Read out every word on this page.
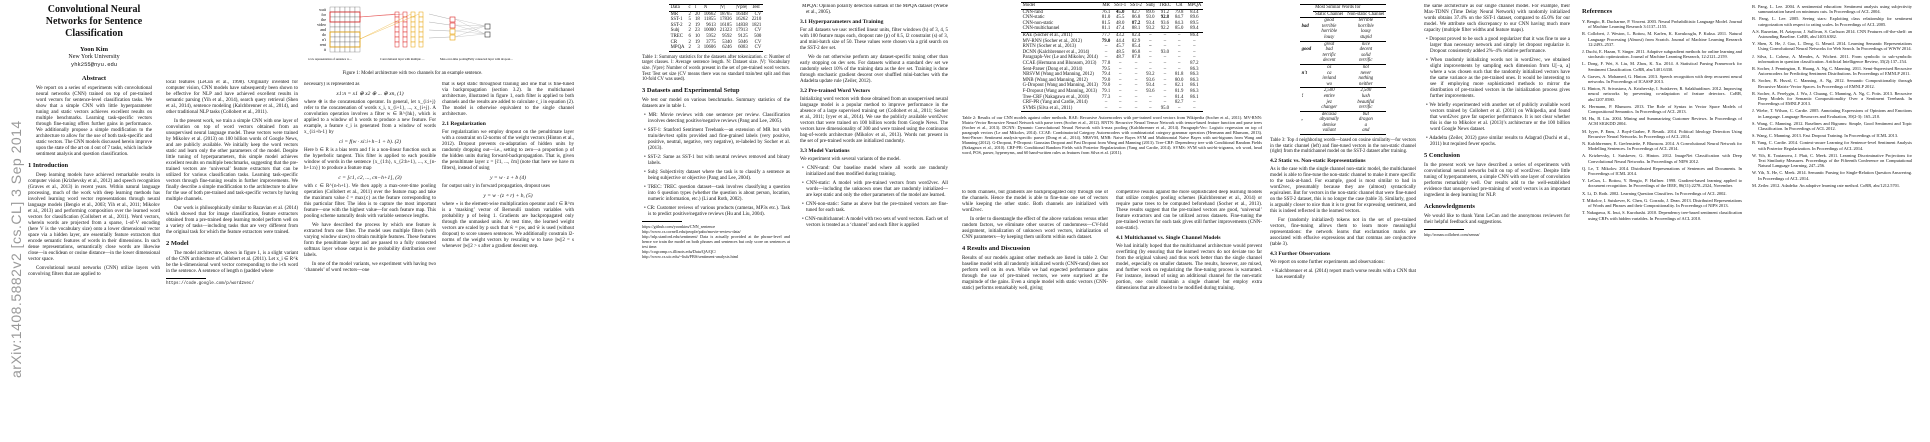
arXiv:1408.5882v2 [cs.CL] 3 Sep 2014
Convolutional Neural Networks for Sentence Classification
Yoon Kim
New York University
yhk255@nyu.edu
Abstract
We report on a series of experiments with convolutional neural networks (CNN) trained on top of pre-trained word vectors for sentence-level classification tasks. We show that a simple CNN with little hyperparameter tuning and static vectors achieves excellent results on multiple benchmarks. Learning task-specific vectors through fine-tuning offers further gains in performance. We additionally propose a simple modification to the architecture to allow for the use of both task-specific and static vectors. The CNN models discussed herein improve upon the state of the art on 4 out of 7 tasks, which include sentiment analysis and question classification.
1 Introduction

Deep learning models have achieved remarkable results in computer vision (Krizhevsky et al., 2012) and speech recognition (Graves et al., 2013) in recent years. Within natural language processing, much of the work with deep learning methods has involved learning word vector representations through neural language models (Bengio et al., 2003; Yih et al., 2011; Mikolov et al., 2013) and performing composition over the learned word vectors for classification (Collobert et al., 2011). Word vectors, wherein words are projected from a sparse, 1-of-V encoding (here V is the vocabulary size) onto a lower dimensional vector space via a hidden layer, are essentially feature extractors that encode semantic features of words in their dimensions. In such dense representations, semantically close words are likewise close—in euclidean or cosine distance—in the lower dimensional vector space.

Convolutional neural networks (CNN) utilize layers with convolving filters that are applied to

wait
for
the
video
and
do
n't
rent
it
n x k representation of sentence w…	Convolutional layer with multiple …	Max-over-time pooling Fully connected layer with dropout…
Figure 1: Model architecture with two channels for an example sentence.

local features (LeCun et al., 1998). Originally invented for computer vision, CNN models have subsequently been shown to be effective for NLP and have achieved excellent results in semantic parsing (Yih et al., 2014), search query retrieval (Shen et al., 2014), sentence modeling (Kalchbrenner et al., 2014), and other traditional NLP tasks (Collobert et al., 2011).

In the present work, we train a simple CNN with one layer of convolution on top of word vectors obtained from an unsupervised neural language model. These vectors were trained by Mikolov et al. (2013) on 100 billion words of Google News, and are publicly available. We initially keep the word vectors static and learn only the other parameters of the model. Despite little tuning of hyperparameters, this simple model achieves excellent results on multiple benchmarks, suggesting that the pre-trained vectors are ‘universal’ feature extractors that can be utilized for various classification tasks. Learning task-specific vectors through fine-tuning results in further improvements. We finally describe a simple modification to the architecture to allow for the use of both pre-trained and task-specific vectors by having multiple channels.

Our work is philosophically similar to Razavian et al. (2014) which showed that for image classification, feature extractors obtained from a pre-trained deep learning model perform well on a variety of tasks—including tasks that are very different from the original task for which the feature extractors were trained.

2 Model

The model architecture, shown in figure 1, is a slight variant of the CNN architecture of Collobert et al. (2011). Let x_i ∈ R^k be the k-dimensional word vector corresponding to the i-th word in the sentence. A sentence of length n (padded where

https://code.google.com/p/word2vec/

necessary) is represented as

x1:n = x1 ⊕ x2 ⊕ ... ⊕ xn, (1)

where ⊕ is the concatenation operator. In general, let x_{i:i+j} refer to the concatenation of words x_i, x_{i+1}, ..., x_{i+j}. A convolution operation involves a filter w ∈ R^{hk}, which is applied to a window of h words to produce a new feature. For example, a feature c_i is generated from a window of words x_{i:i+h-1} by

ci = f(w · xi:i+h−1 + b). (2)

Here b ∈ R is a bias term and f is a non-linear function such as the hyperbolic tangent. This filter is applied to each possible window of words in the sentence {x_{1:h}, x_{2:h+1}, ..., x_{n-h+1:n}} to produce a feature map

c = [c1, c2, ..., cn−h+1], (3)

with c ∈ R^{n-h+1}. We then apply a max-over-time pooling operation (Collobert et al., 2011) over the feature map and take the maximum value ĉ = max{c} as the feature corresponding to this particular filter. The idea is to capture the most important feature—one with the highest value—for each feature map. This pooling scheme naturally deals with variable sentence lengths.

We have described the process by which one feature is extracted from one filter. The model uses multiple filters (with varying window sizes) to obtain multiple features. These features form the penultimate layer and are passed to a fully connected softmax layer whose output is the probability distribution over labels.

In one of the model variants, we experiment with having two ‘channels’ of word vectors—one

that is kept static throughout training and one that is fine-tuned via backpropagation (section 3.2). In the multichannel architecture, illustrated in figure 1, each filter is applied to both channels and the results are added to calculate c_i in equation (2). The model is otherwise equivalent to the single channel architecture.

2.1 Regularization

For regularization we employ dropout on the penultimate layer with a constraint on l2-norms of the weight vectors (Hinton et al., 2012). Dropout prevents co-adaptation of hidden units by randomly dropping out—i.e., setting to zero—a proportion p of the hidden units during forward-backpropagation. That is, given the penultimate layer z = [ĉ1, ..., ĉm] (note that here we have m filters), instead of using

y = w · z + b (4)

for output unit y in forward propagation, dropout uses

y = w · (z ∘ r) + b, (5)

where ∘ is the element-wise multiplication operator and r ∈ R^m is a ‘masking’ vector of Bernoulli random variables with probability p of being 1. Gradients are backpropagated only through the unmasked units. At test time, the learned weight vectors are scaled by p such that ŵ = pw, and ŵ is used (without dropout) to score unseen sentences. We additionally constrain l2-norms of the weight vectors by rescaling w to have ||w||2 = s whenever ||w||2 > s after a gradient descent step.

Data	c	l	N	|V|	|Vpre|	Test
MR	2	20	10662	18765	16448	CV
SST-1	5	18	11855	17836	16262	2210
SST-2	2	19	9613	16185	14838	1821
Subj	2	23	10000	21323	17913	CV
TREC	6	10	5952	9592	9125	500
CR	2	19	3775	5340	5046	CV
MPQA	2	3	10606	6246	6083	CV
Table 1: Summary statistics for the datasets after tokenization. c: Number of target classes. l: Average sentence length. N: Dataset size. |V|: Vocabulary size. |Vpre|: Number of words present in the set of pre-trained word vectors. Test: Test set size (CV means there was no standard train/test split and thus 10-fold CV was used).
3 Datasets and Experimental Setup

We test our model on various benchmarks. Summary statistics of the datasets are in table 1.

• MR: Movie reviews with one sentence per review. Classification involves detecting positive/negative reviews (Pang and Lee, 2005).
• SST-1: Stanford Sentiment Treebank—an extension of MR but with train/dev/test splits provided and fine-grained labels (very positive, positive, neutral, negative, very negative), re-labeled by Socher et al. (2013).
• SST-2: Same as SST-1 but with neutral reviews removed and binary labels.
• Subj: Subjectivity dataset where the task is to classify a sentence as being subjective or objective (Pang and Lee, 2004).
• TREC: TREC question dataset—task involves classifying a question into 6 question types (whether the question is about person, location, numeric information, etc.) (Li and Roth, 2002).
• CR: Customer reviews of various products (cameras, MP3s etc.). Task is to predict positive/negative reviews (Hu and Liu, 2004).
https://github.com/yoonkim/CNN_sentence
http://www.cs.cornell.edu/people/pabo/movie-review-data/
http://nlp.stanford.edu/sentiment/ Data is actually provided at the phrase-level and hence we train the model on both phrases and sentences but only score on sentences at test time.
http://cogcomp.cs.illinois.edu/Data/QA/QC/
http://www.cs.uic.edu/~liub/FBS/sentiment-analysis.html
MPQA: Opinion polarity detection subtask of the MPQA dataset (Wiebe et al., 2005).
3.1 Hyperparameters and Training

For all datasets we use: rectified linear units, filter windows (h) of 3, 4, 5 with 100 feature maps each, dropout rate (p) of 0.5, l2 constraint (s) of 3, and mini-batch size of 50. These values were chosen via a grid search on the SST-2 dev set.

We do not otherwise perform any dataset-specific tuning other than early stopping on dev sets. For datasets without a standard dev set we randomly select 10% of the training data as the dev set. Training is done through stochastic gradient descent over shuffled mini-batches with the Adadelta update rule (Zeiler, 2012).

3.2 Pre-trained Word Vectors

Initializing word vectors with those obtained from an unsupervised neural language model is a popular method to improve performance in the absence of a large supervised training set (Collobert et al., 2011; Socher et al., 2011; Iyyer et al., 2014). We use the publicly available word2vec vectors that were trained on 100 billion words from Google News. The vectors have dimensionality of 300 and were trained using the continuous bag-of-words architecture (Mikolov et al., 2013). Words not present in the set of pre-trained words are initialized randomly.

3.3 Model Variations

We experiment with several variants of the model.

• CNN-rand: Our baseline model where all words are randomly initialized and then modified during training.
• CNN-static: A model with pre-trained vectors from word2vec. All words—including the unknown ones that are randomly initialized—are kept static and only the other parameters of the model are learned.
• CNN-non-static: Same as above but the pre-trained vectors are fine-tuned for each task.
• CNN-multichannel: A model with two sets of word vectors. Each set of vectors is treated as a ‘channel’ and each filter is applied
Model	MR	SST-1	SST-2	Subj	TREC	CR	MPQA
CNN-rand	76.1	45.0	82.7	89.6	91.2	79.8	83.4
CNN-static	81.0	45.5	86.8	93.0	92.8	84.7	89.6
CNN-non-static	81.5	48.0	87.2	93.4	93.6	84.3	89.5
CNN-multichannel	81.1	47.4	88.1	93.2	92.2	85.0	89.4
RAE (Socher et al., 2011)	77.7	43.2	82.4	–	–	–	86.4
MV-RNN (Socher et al., 2012)	79.0	44.4	82.9	–	–	–	–
RNTN (Socher et al., 2013)	–	45.7	85.4	–	–	–	–
DCNN (Kalchbrenner et al., 2014)	–	48.5	86.8	–	93.0	–	–
Paragraph-Vec (Le and Mikolov, 2014)	–	48.7	87.8	–	–	–	–
CCAE (Hermann and Blunsom, 2013)	77.8	–	–	–	–	–	87.2
Sent-Parser (Dong et al., 2014)	79.5	–	–	–	–	–	86.3
NBSVM (Wang and Manning, 2012)	79.4	–	–	93.2	–	81.8	86.3
MNB (Wang and Manning, 2012)	79.0	–	–	93.6	–	80.0	86.3
G-Dropout (Wang and Manning, 2013)	79.0	–	–	93.4	–	82.1	86.1
F-Dropout (Wang and Manning, 2013)	79.1	–	–	93.6	–	81.9	86.3
Tree-CRF (Nakagawa et al., 2010)	77.3	–	–	–	–	81.4	86.1
CRF-PR (Yang and Cardie, 2014)	–	–	–	–	–	82.7	–
SVMS (Silva et al., 2011)	–	–	–	–	95.0	–	–
Table 2: Results of our CNN models against other methods. RAE: Recursive Autoencoders with pre-trained word vectors from Wikipedia (Socher et al., 2011). MV-RNN: Matrix-Vector Recursive Neural Network with parse trees (Socher et al., 2012). RNTN: Recursive Neural Tensor Network with tensor-based feature function and parse trees (Socher et al., 2013). DCNN: Dynamic Convolutional Neural Network with k-max pooling (Kalchbrenner et al., 2014). Paragraph-Vec: Logistic regression on top of paragraph vectors (Le and Mikolov, 2014). CCAE: Combinatorial Category Autoencoders with combinatorial category grammar operators (Hermann and Blunsom, 2013). Sent-Parser: Sentiment analysis-specific parser (Dong et al., 2014). NBSVM, MNB: Naive Bayes SVM and Multinomial Naive Bayes with uni-bigrams from Wang and Manning (2012). G-Dropout, F-Dropout: Gaussian Dropout and Fast Dropout from Wang and Manning (2013). Tree-CRF: Dependency tree with Conditional Random Fields (Nakagawa et al., 2010). CRF-PR: Conditional Random Fields with Posterior Regularization (Yang and Cardie, 2014). SVMS: SVM with uni-bi-trigrams, wh word, head word, POS, parser, hypernyms, and 60 hand-written rules as features from Silva et al. (2011).

to both channels, but gradients are backpropagated only through one of the channels. Hence the model is able to fine-tune one set of vectors while keeping the other static. Both channels are initialized with word2vec.

In order to disentangle the effect of the above variations versus other random factors, we eliminate other sources of randomness—CV-fold assignment, initialization of unknown word vectors, initialization of CNN parameters—by keeping them uniform within each dataset.

4 Results and Discussion

Results of our models against other methods are listed in table 2. Our baseline model with all randomly initialized words (CNN-rand) does not perform well on its own. While we had expected performance gains through the use of pre-trained vectors, we were surprised at the magnitude of the gains. Even a simple model with static vectors (CNN-static) performs remarkably well, giving

competitive results against the more sophisticated deep learning models that utilize complex pooling schemes (Kalchbrenner et al., 2014) or require parse trees to be computed beforehand (Socher et al., 2013). These results suggest that the pre-trained vectors are good, ‘universal’ feature extractors and can be utilized across datasets. Fine-tuning the pre-trained vectors for each task gives still further improvements (CNN-non-static).

4.1 Multichannel vs. Single Channel Models

We had initially hoped that the multichannel architecture would prevent overfitting (by ensuring that the learned vectors do not deviate too far from the original values) and thus work better than the single channel model, especially on smaller datasets. The results, however, are mixed, and further work on regularizing the fine-tuning process is warranted. For instance, instead of using an additional channel for the non-static portion, one could maintain a single channel but employ extra dimensions that are allowed to be modified during training.

	Most Similar Words for	
	Static Channel	Non-static Channel
	good	terrible
bad	terrible	horrible
	horrible	lousy
	lousy	stupid
	great	nice
good	bad	decent
	terrific	solid
	decent	terrific
	os	not
n't	ca	never
	ireland	nothing
	wo	neither
	2,500	2,500
!	entire	lush
	jez	beautiful
	changer	terrific
	decasia	but
,	abysmally	dragon
	demise	a
	valiant	and
Table 3: Top 4 neighboring words—based on cosine similarity—for vectors in the static channel (left) and fine-tuned vectors in the non-static channel (right) from the multichannel model on the SST-2 dataset after training.
4.2 Static vs. Non-static Representations

As is the case with the single channel non-static model, the multichannel model is able to fine-tune the non-static channel to make it more specific to the task-at-hand. For example, good is most similar to bad in word2vec, presumably because they are (almost) syntactically equivalent. But for vectors in the non-static channel that were fine-tuned on the SST-2 dataset, this is no longer the case (table 3). Similarly, good is arguably closer to nice than it is to great for expressing sentiment, and this is indeed reflected in the learned vectors.

For (randomly initialized) tokens not in the set of pre-trained vectors, fine-tuning allows them to learn more meaningful representations: the network learns that exclamation marks are associated with effusive expressions and that commas are conjunctive (table 3).

4.3 Further Observations

We report on some further experiments and observations:

• Kalchbrenner et al. (2014) report much worse results with a CNN that has essentially

the same architecture as our single channel model. For example, their Max-TDNN (Time Delay Neural Network) with randomly initialized words obtains 37.4% on the SST-1 dataset, compared to 45.0% for our model. We attribute such discrepancy to our CNN having much more capacity (multiple filter widths and feature maps).

• Dropout proved to be such a good regularizer that it was fine to use a larger than necessary network and simply let dropout regularize it. Dropout consistently added 2%–4% relative performance.
• When randomly initializing words not in word2vec, we obtained slight improvements by sampling each dimension from U[−a, a] where a was chosen such that the randomly initialized vectors have the same variance as the pre-trained ones. It would be interesting to see if employing more sophisticated methods to mirror the distribution of pre-trained vectors in the initialization process gives further improvements.
• We briefly experimented with another set of publicly available word vectors trained by Collobert et al. (2011) on Wikipedia, and found that word2vec gave far superior performance. It is not clear whether this is due to Mikolov et al. (2013)’s architecture or the 100 billion word Google News dataset.
• Adadelta (Zeiler, 2012) gave similar results to Adagrad (Duchi et al., 2011) but required fewer epochs.
5 Conclusion

In the present work we have described a series of experiments with convolutional neural networks built on top of word2vec. Despite little tuning of hyperparameters, a simple CNN with one layer of convolution performs remarkably well. Our results add to the well-established evidence that unsupervised pre-training of word vectors is an important ingredient in deep learning for NLP.

Acknowledgments

We would like to thank Yann LeCun and the anonymous reviewers for their helpful feedback and suggestions.

http://ronan.collobert.com/senna/
References
Y. Bengio, R. Ducharme, P. Vincent. 2003. Neural Probabilitistic Language Model. Journal of Machine Learning Research 3:1137–1155.
R. Collobert, J. Weston, L. Bottou, M. Karlen, K. Kavukcuglu, P. Kuksa. 2011. Natural Language Processing (Almost) from Scratch. Journal of Machine Learning Research 12:2493–2537.
J. Duchi, E. Hazan, Y. Singer. 2011. Adaptive subgradient methods for online learning and stochastic optimization. Journal of Machine Learning Research, 12:2121–2159.
L. Dong, F. Wei, S. Liu, M. Zhou, K. Xu. 2014. A Statistical Parsing Framework for Sentiment Classification. CoRR, abs/1401.6330.
A. Graves, A. Mohamed, G. Hinton. 2013. Speech recognition with deep recurrent neural networks. In Proceedings of ICASSP 2013.
G. Hinton, N. Srivastava, A. Krizhevsky, I. Sutskever, R. Salakhutdinov. 2012. Improving neural networks by preventing co-adaptation of feature detectors. CoRR, abs/1207.0580.
K. Hermann, P. Blunsom. 2013. The Role of Syntax in Vector Space Models of Compositional Semantics. In Proceedings of ACL 2013.
M. Hu, B. Liu. 2004. Mining and Summarizing Customer Reviews. In Proceedings of ACM SIGKDD 2004.
M. Iyyer, P. Enns, J. Boyd-Graber, P. Resnik. 2014. Political Ideology Detection Using Recursive Neural Networks. In Proceedings of ACL 2014.
N. Kalchbrenner, E. Grefenstette, P. Blunsom. 2014. A Convolutional Neural Network for Modelling Sentences. In Proceedings of ACL 2014.
A. Krizhevsky, I. Sutskever, G. Hinton. 2012. ImageNet Classification with Deep Convolutional Neural Networks. In Proceedings of NIPS 2012.
Q. Le, T. Mikolov. 2014. Distributed Represenations of Sentences and Documents. In Proceedings of ICML 2014.
Y. LeCun, L. Bottou, Y. Bengio, P. Haffner. 1998. Gradient-based learning applied to document recognition. In Proceedings of the IEEE, 86(11):2278–2324, November.
X. Li, D. Roth. 2002. Learning Question Classifiers. In Proceedings of ACL 2002.
T. Mikolov, I. Sutskever, K. Chen, G. Corrado, J. Dean. 2013. Distributed Representations of Words and Phrases and their Compositionality. In Proceedings of NIPS 2013.
T. Nakagawa, K. Inui, S. Kurohashi. 2010. Dependency tree-based sentiment classification using CRFs with hidden variables. In Proceedings of ACL 2010.
B. Pang, L. Lee. 2004. A sentimental education: Sentiment analysis using subjectivity summarization based on minimum cuts. In Proceedings of ACL 2004.
B. Pang, L. Lee. 2005. Seeing stars: Exploiting class relationship for sentiment categorization with respect to rating scales. In Proceedings of ACL 2005.
A.S. Razavian, H. Azizpour, J. Sullivan, S. Carlsson 2014. CNN Features off-the-shelf: an Astounding Baseline. CoRR, abs/1403.6382.
Y. Shen, X. He, J. Gao, L. Deng, G. Mesnil. 2014. Learning Semantic Representations Using Convolutional Neural Networks for Web Search. In Proceedings of WWW 2014.
J. Silva, L. Coheur, A. Mendes, A. Wichert. 2011. From symbolic to sub-symbolic information in question classification. Artificial Intelligence Review, 35(2):137–154.
R. Socher, J. Pennington, E. Huang, A. Ng, C. Manning. 2011. Semi-Supervised Recursive Autoencoders for Predicting Sentiment Distributions. In Proceedings of EMNLP 2011.
R. Socher, B. Huval, C. Manning, A. Ng. 2012. Semantic Compositionality through Recursive Matrix-Vector Spaces. In Proceedings of EMNLP 2012.
R. Socher, A. Perelygin, J. Wu, J. Chuang, C. Manning, A. Ng, C. Potts. 2013. Recursive Deep Models for Semantic Compositionality Over a Sentiment Treebank. In Proceedings of EMNLP 2013.
J. Wiebe, T. Wilson, C. Cardie. 2005. Annotating Expressions of Opinions and Emotions in Language. Language Resources and Evaluation, 39(2-3): 165–210.
S. Wang, C. Manning. 2012. Baselines and Bigrams: Simple, Good Sentiment and Topic Classification. In Proceedings of ACL 2012.
S. Wang, C. Manning. 2013. Fast Dropout Training. In Proceedings of ICML 2013.
B. Yang, C. Cardie. 2014. Context-aware Learning for Sentence-level Sentiment Analysis with Posterior Regularization. In Proceedings of ACL 2014.
W. Yih, K. Toutanova, J. Platt, C. Meek. 2011. Learning Discriminative Projections for Text Similarity Measures. Proceedings of the Fifteenth Conference on Computational Natural Language Learning, 247–256.
W. Yih, X. He, C. Meek. 2014. Semantic Parsing for Single-Relation Question Answering. In Proceedings of ACL 2014.
M. Zeiler. 2012. Adadelta: An adaptive learning rate method. CoRR, abs/1212.5701.
